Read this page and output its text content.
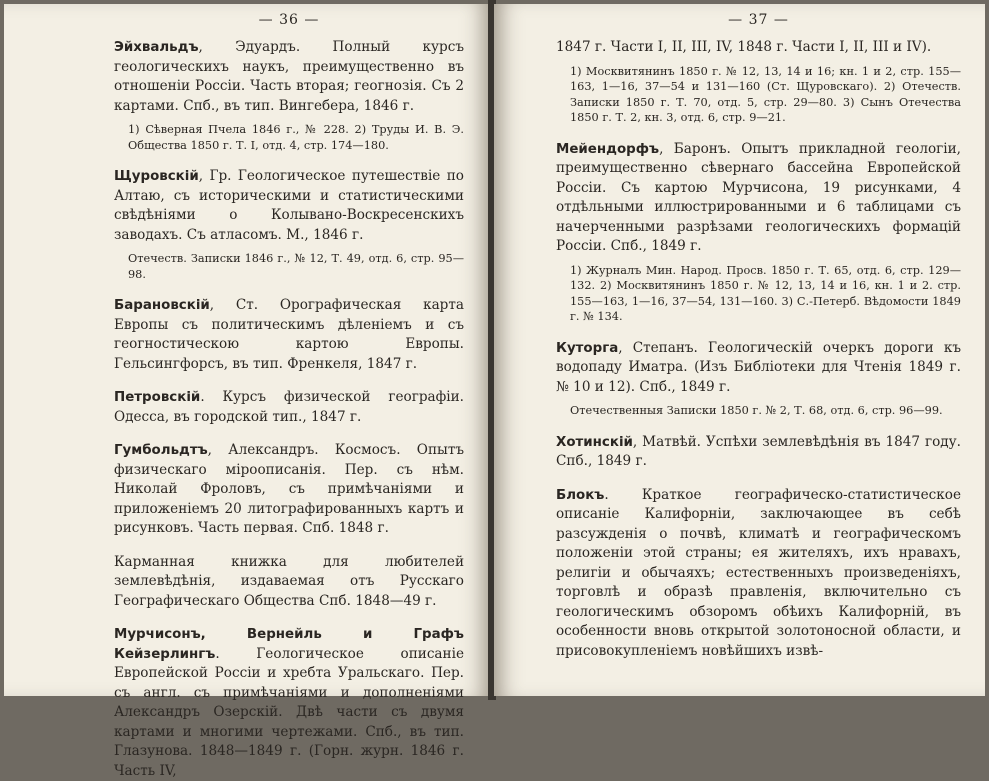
— 36 —

Эйхвальдъ, Эдуардъ. Полный курсъ геологическихъ наукъ, преимущественно въ отношеніи Россіи. Часть вторая; геогнозія. Съ 2 картами. Спб., въ тип. Вингебера, 1846 г.

1) Сѣверная Пчела 1846 г., № 228. 2) Труды И. В. Э. Общества 1850 г. Т. I, отд. 4, стр. 174—180.

Щуровскій, Гр. Геологическое путешествіе по Алтаю, съ историческими и статистическими свѣдѣніями о Колывано-Воскресенскихъ заводахъ. Съ атласомъ. М., 1846 г.

Отечеств. Записки 1846 г., № 12, Т. 49, отд. 6, стр. 95—98.

Барановскій, Ст. Орографическая карта Европы съ политическимъ дѣленіемъ и съ геогностическою картою Европы. Гельсингфорсъ, въ тип. Френкеля, 1847 г.

Петровскій. Курсъ физической географіи. Одесса, въ городской тип., 1847 г.

Гумбольдтъ, Александръ. Космосъ. Опытъ физическаго міроописанія. Пер. съ нѣм. Николай Фроловъ, съ примѣчаніями и приложеніемъ 20 литографированныхъ картъ и рисунковъ. Часть первая. Спб. 1848 г.

Карманная книжка для любителей землевѣдѣнія, издаваемая отъ Русскаго Географическаго Общества Спб. 1848—49 г.

Мурчисонъ, Вернейль и Графъ Кейзерлингъ. Геологическое описаніе Европейской Россіи и хребта Уральскаго. Пер. съ англ. съ примѣчаніями и дополненіями Александръ Озерскій. Двѣ части съ двумя картами и многими чертежами. Спб., въ тип. Глазунова. 1848—1849 г. (Горн. журн. 1846 г. Часть IV,

— 37 —

1847 г. Части I, II, III, IV, 1848 г. Части I, II, III и IV).

1) Москвитянинъ 1850 г. № 12, 13, 14 и 16; кн. 1 и 2, стр. 155—163, 1—16, 37—54 и 131—160 (Ст. Щуровскаго). 2) Отечеств. Записки 1850 г. Т. 70, отд. 5, стр. 29—80. 3) Сынъ Отечества 1850 г. Т. 2, кн. 3, отд. 6, стр. 9—21.

Мейендорфъ, Баронъ. Опытъ прикладной геологіи, преимущественно сѣвернаго бассейна Европейской Россіи. Съ картою Мурчисона, 19 рисунками, 4 отдѣльными иллюстрированными и 6 таблицами съ начерченными разрѣзами геологическихъ формацій Россіи. Спб., 1849 г.

1) Журналъ Мин. Народ. Просв. 1850 г. Т. 65, отд. 6, стр. 129—132. 2) Москвитянинъ 1850 г. № 12, 13, 14 и 16, кн. 1 и 2. стр. 155—163, 1—16, 37—54, 131—160. 3) С.-Петерб. Вѣдомости 1849 г. № 134.

Куторга, Степанъ. Геологическій очеркъ дороги къ водопаду Иматра. (Изъ Библіотеки для Чтенія 1849 г. № 10 и 12). Спб., 1849 г.

Отечественныя Записки 1850 г. № 2, Т. 68, отд. 6, стр. 96—99.

Хотинскій, Матвѣй. Успѣхи землевѣдѣнія въ 1847 году. Спб., 1849 г.

Блокъ. Краткое географическо-статистическое описаніе Калифорніи, заключающее въ себѣ разсужденія о почвѣ, климатѣ и географическомъ положеніи этой страны; ея жителяхъ, ихъ нравахъ, религіи и обычаяхъ; естественныхъ произведеніяхъ, торговлѣ и образѣ правленія, включительно съ геологическимъ обзоромъ обѣихъ Калифорній, въ особенности вновь открытой золотоносной области, и присовокупленіемъ новѣйшихъ извѣ-
